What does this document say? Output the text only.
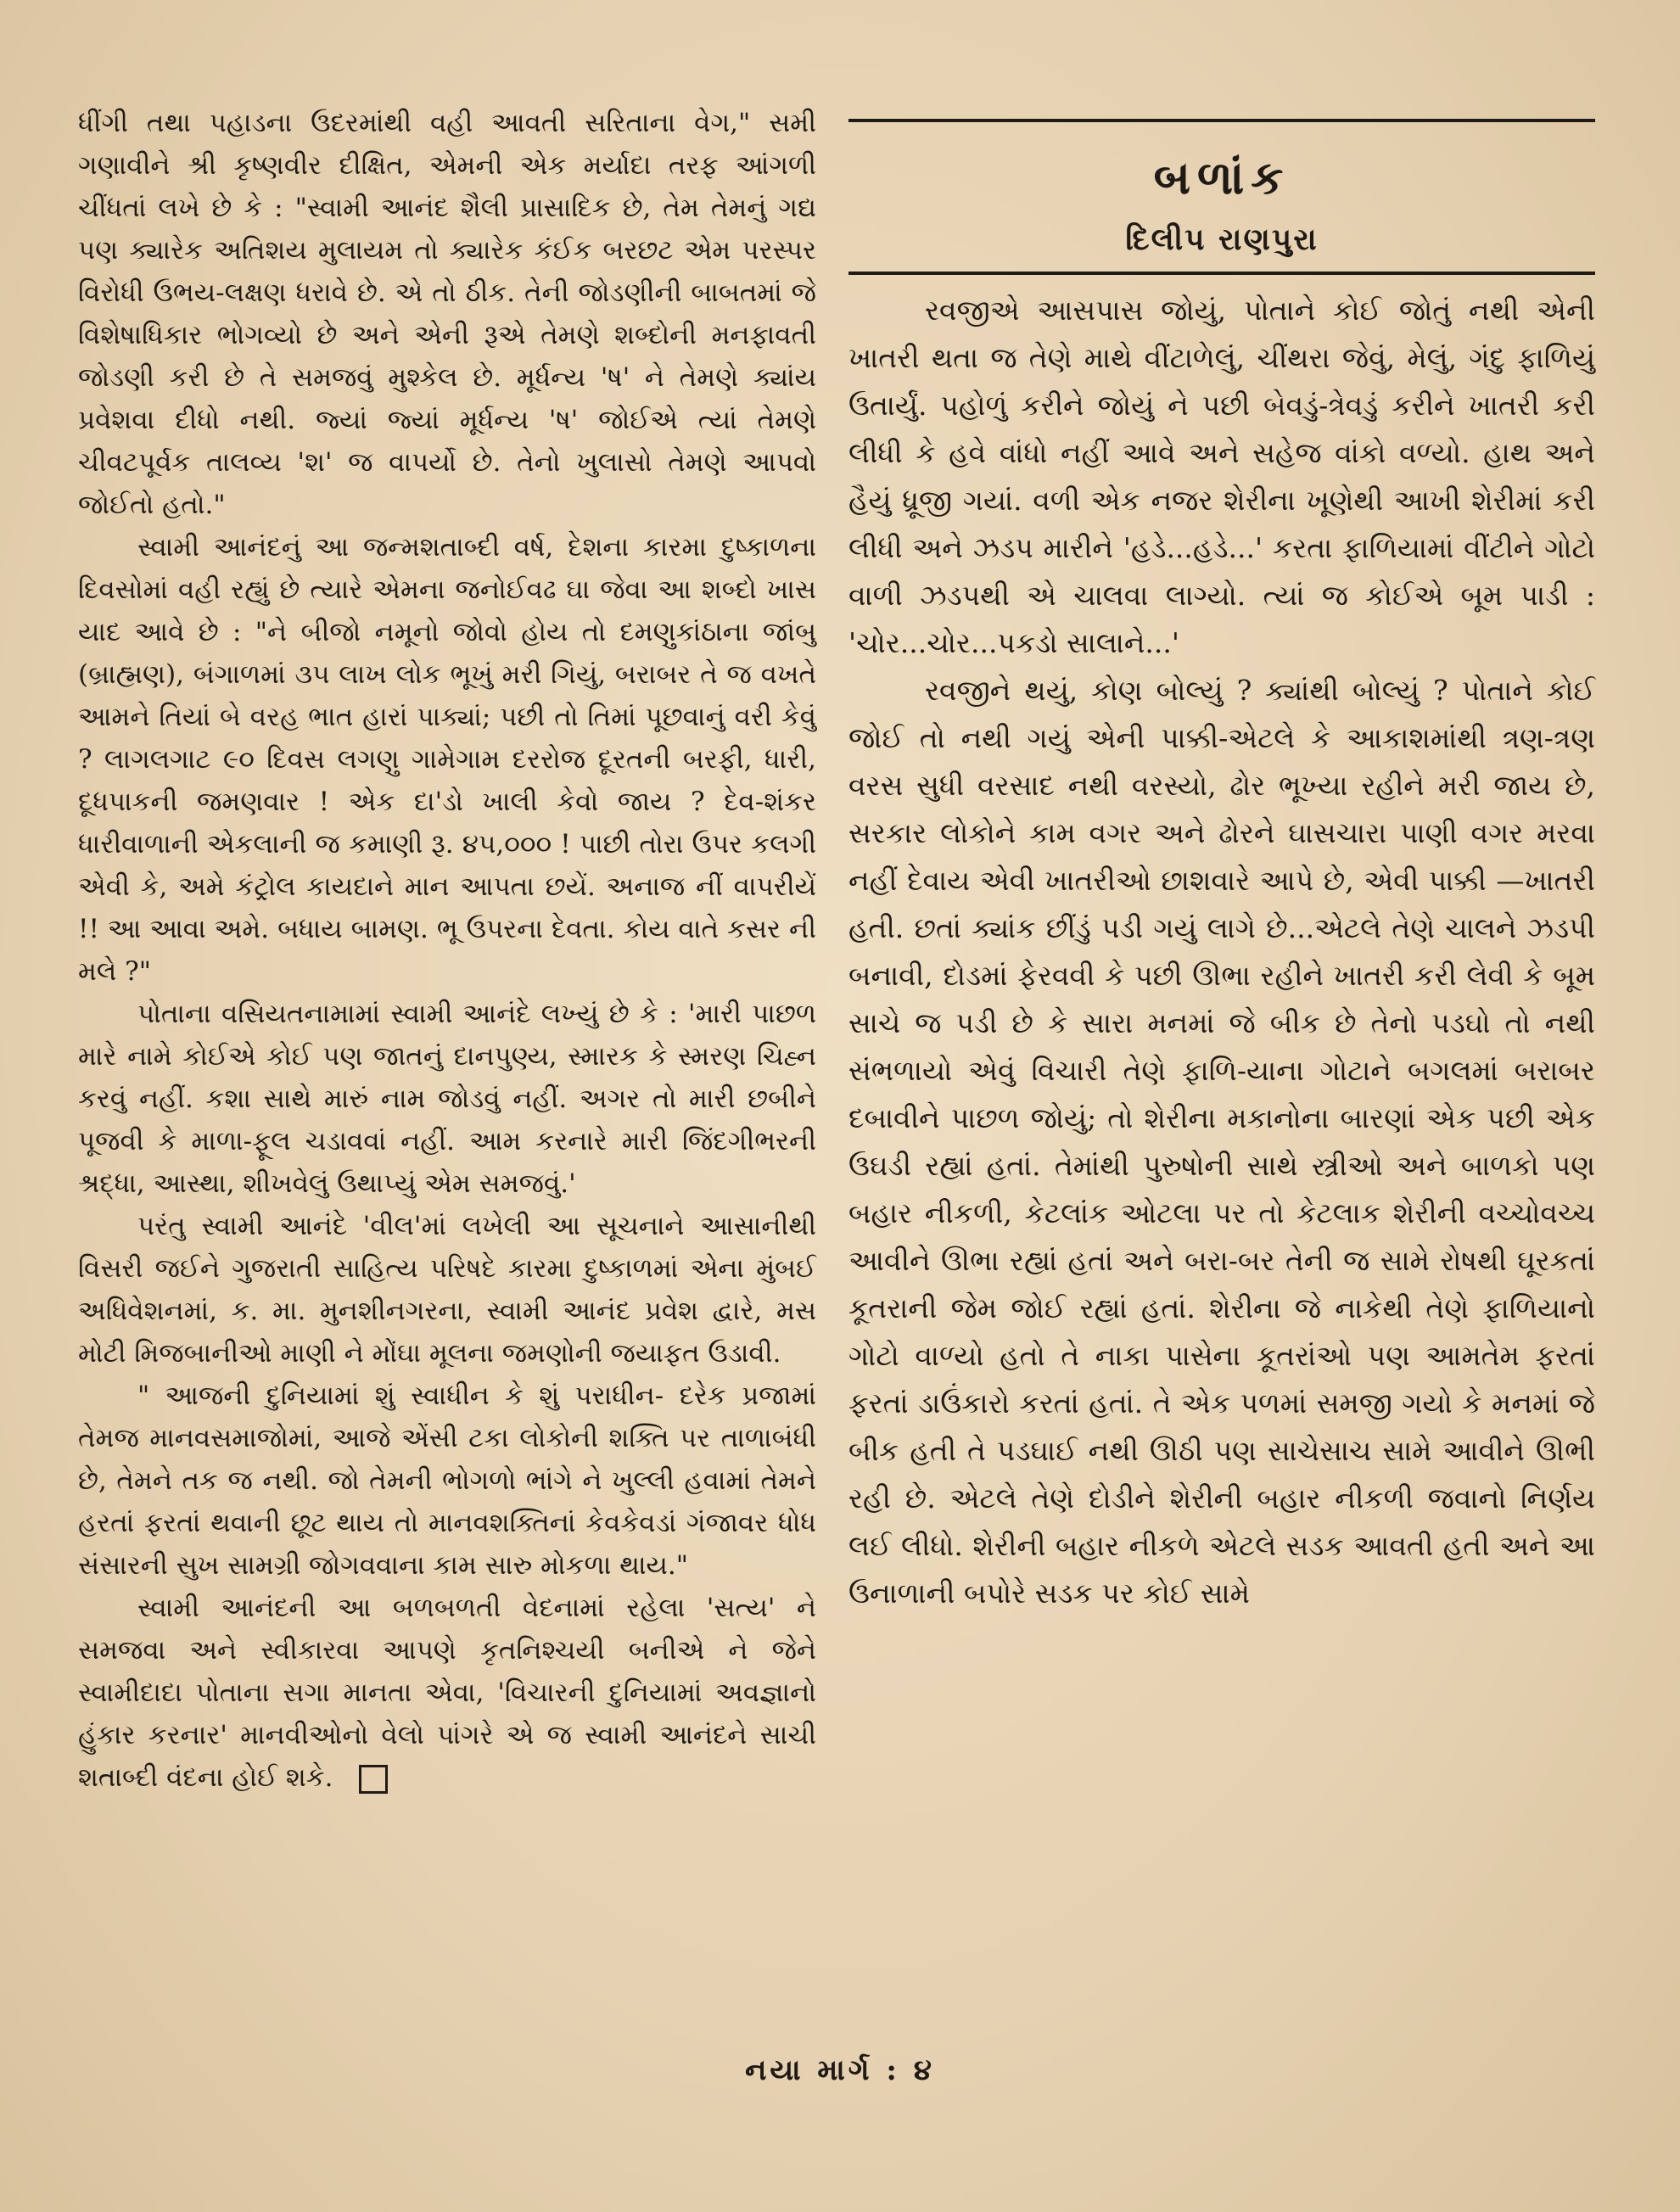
ધીંગી તથા પહાડના ઉદરમાંથી વહી આવતી સરિતાના વેગ," સમી ગણાવીને શ્રી કૃષ્ણવીર દીક્ષિત, એમની એક મર્યાદા તરફ આંગળી ચીંધતાં લખે છે કે : "સ્વામી આનંદ શૈલી પ્રાસાદિક છે, તેમ તેમનું ગદ્ય પણ ક્યારેક અતિશય મુલાયમ તો ક્યારેક કંઈક બરછટ એમ પરસ્પર વિરોધી ઉભય-લક્ષણ ધરાવે છે. એ તો ઠીક. તેની જોડણીની બાબતમાં જે વિશેષાધિકાર ભોગવ્યો છે અને એની રૂએ તેમણે શબ્દોની મનફાવતી જોડણી કરી છે તે સમજવું મુશ્કેલ છે. મૂર્ધન્ય 'ષ' ને તેમણે ક્યાંય પ્રવેશવા દીધો નથી. જ્યાં જ્યાં મૂર્ધન્ય 'ષ' જોઈએ ત્યાં તેમણે ચીવટપૂર્વક તાલવ્ય 'શ' જ વાપર્યો છે. તેનો ખુલાસો તેમણે આપવો જોઈતો હતો."

સ્વામી આનંદનું આ જન્મશતાબ્દી વર્ષ, દેશના કારમા દુષ્કાળના દિવસોમાં વહી રહ્યું છે ત્યારે એમના જનોઈવઢ ઘા જેવા આ શબ્દો ખાસ યાદ આવે છે : "ને બીજો નમૂનો જોવો હોય તો દમણુકાંઠાના જાંબુ (બ્રાહ્મણ), બંગાળમાં ૩૫ લાખ લોક ભૂખું મરી ગિયું, બરાબર તે જ વખતે આમને તિયાં બે વરહ ભાત હારાં પાક્યાં; પછી તો તિમાં પૂછવાનું વરી કેવું ? લાગલગાટ ૯૦ દિવસ લગણુ ગામેગામ દરરોજ દૂરતની બરફી, ધારી, દૂધપાકની જમણવાર ! એક દા'ડો ખાલી કેવો જાય ? દેવ-શંકર ધારીવાળાની એકલાની જ કમાણી રૂ. ૪૫,૦૦૦ ! પાછી તોરા ઉપર કલગી એવી કે, અમે કંટ્રોલ કાયદાને માન આપતા છયેં. અનાજ નીં વાપરીયેં !! આ આવા અમે. બધાય બામણ. ભૂ ઉપરના દેવતા. કોય વાતે કસર ની મલે ?"

પોતાના વસિયતનામામાં સ્વામી આનંદે લખ્યું છે કે : 'મારી પાછળ મારે નામે કોઈએ કોઈ પણ જાતનું દાનપુણ્ય, સ્મારક કે સ્મરણ ચિહ્ન કરવું નહીં. કશા સાથે મારું નામ જોડવું નહીં. અગર તો મારી છબીને પૂજવી કે માળા-ફૂલ ચડાવવાં નહીં. આમ કરનારે મારી જિંદગીભરની શ્રદ્ધા, આસ્થા, શીખવેલું ઉથાપ્યું એમ સમજવું.'

પરંતુ સ્વામી આનંદે 'વીલ'માં લખેલી આ સૂચનાને આસાનીથી વિસરી જઈને ગુજરાતી સાહિત્ય પરિષદે કારમા દુષ્કાળમાં એના મુંબઈ અધિવેશનમાં, ક. મા. મુનશીનગરના, સ્વામી આનંદ પ્રવેશ દ્વારે, મસ મોટી મિજબાનીઓ માણી ને મોંઘા મૂલના જમણોની જયાફત ઉડાવી.

" આજની દુનિયામાં શું સ્વાધીન કે શું પરાધીન- દરેક પ્રજામાં તેમજ માનવસમાજોમાં, આજે એંસી ટકા લોકોની શક્તિ પર તાળાબંધી છે, તેમને તક જ નથી. જો તેમની ભોગળો ભાંગે ને ખુલ્લી હવામાં તેમને હરતાં ફરતાં થવાની છૂટ થાય તો માનવશક્તિનાં કેવકેવડાં ગંજાવર ધોધ સંસારની સુખ સામગ્રી જોગવવાના કામ સારુ મોકળા થાય."

સ્વામી આનંદની આ બળબળતી વેદનામાં રહેલા 'સત્ય' ને સમજવા અને સ્વીકારવા આપણે કૃતનિશ્ચયી બનીએ ને જેને સ્વામીદાદા પોતાના સગા માનતા એવા, 'વિચારની દુનિયામાં અવજ્ઞાનો હુંકાર કરનાર' માનવીઓનો વેલો પાંગરે એ જ સ્વામી આનંદને સાચી શતાબ્દી વંદના હોઈ શકે.

બળાંક
દિલીપ રાણપુરા

રવજીએ આસપાસ જોયું, પોતાને કોઈ જોતું નથી એની ખાતરી થતા જ તેણે માથે વીંટાળેલું, ચીંથરા જેવું, મેલું, ગંદુ ફાળિયું ઉતાર્યું. પહોળું કરીને જોયું ને પછી બેવડું-ત્રેવડું કરીને ખાતરી કરી લીધી કે હવે વાંધો નહીં આવે અને સહેજ વાંકો વળ્યો. હાથ અને હૈયું ધ્રૂજી ગયાં. વળી એક નજર શેરીના ખૂણેથી આખી શેરીમાં કરી લીધી અને ઝડપ મારીને 'હડે...હડે...' કરતા ફાળિયામાં વીંટીને ગોટો વાળી ઝડપથી એ ચાલવા લાગ્યો. ત્યાં જ કોઈએ બૂમ પાડી : 'ચોર...ચોર...પકડો સાલાને...'

રવજીને થયું, કોણ બોલ્યું ? ક્યાંથી બોલ્યું ? પોતાને કોઈ જોઈ તો નથી ગયું એની પાક્કી-એટલે કે આકાશમાંથી ત્રણ-ત્રણ વરસ સુધી વરસાદ નથી વરસ્યો, ઢોર ભૂખ્યા રહીને મરી જાય છે, સરકાર લોકોને કામ વગર અને ઢોરને ઘાસચારા પાણી વગર મરવા નહીં દેવાય એવી ખાતરીઓ છાશવારે આપે છે, એવી પાક્કી —ખાતરી હતી. છતાં ક્યાંક છીંડું પડી ગયું લાગે છે...એટલે તેણે ચાલને ઝડપી બનાવી, દોડમાં ફેરવવી કે પછી ઊભા રહીને ખાતરી કરી લેવી કે બૂમ સાચે જ પડી છે કે સારા મનમાં જે બીક છે તેનો પડઘો તો નથી સંભળાયો એવું વિચારી તેણે ફાળિ-યાના ગોટાને બગલમાં બરાબર દબાવીને પાછળ જોયું; તો શેરીના મકાનોના બારણાં એક પછી એક ઉઘડી રહ્યાં હતાં. તેમાંથી પુરુષોની સાથે સ્ત્રીઓ અને બાળકો પણ બહાર નીકળી, કેટલાંક ઓટલા પર તો કેટલાક શેરીની વચ્ચોવચ્ચ આવીને ઊભા રહ્યાં હતાં અને બરા-બર તેની જ સામે રોષથી ઘૂરકતાં કૂતરાની જેમ જોઈ રહ્યાં હતાં. શેરીના જે નાકેથી તેણે ફાળિયાનો ગોટો વાળ્યો હતો તે નાકા પાસેના કૂતરાંઓ પણ આમતેમ ફરતાં ફરતાં ડાઉંકારો કરતાં હતાં. તે એક પળમાં સમજી ગયો કે મનમાં જે બીક હતી તે પડઘાઈ નથી ઊઠી પણ સાચેસાચ સામે આવીને ઊભી રહી છે. એટલે તેણે દોડીને શેરીની બહાર નીકળી જવાનો નિર્ણય લઈ લીધો. શેરીની બહાર નીકળે એટલે સડક આવતી હતી અને આ ઉનાળાની બપોરે સડક પર કોઈ સામે

નયા માર્ગ : ૪
